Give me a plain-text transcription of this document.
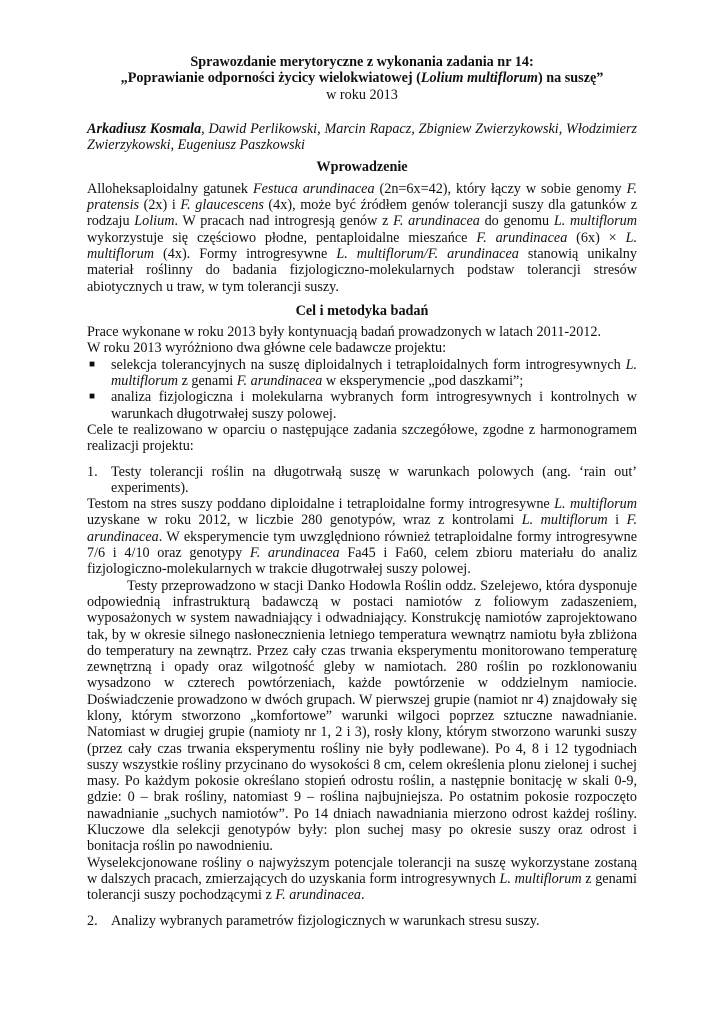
Sprawozdanie merytoryczne z wykonania zadania nr 14:
„Poprawianie odporności życicy wielokwiatowej (Lolium multiflorum) na suszę”
w roku 2013

Arkadiusz Kosmala, Dawid Perlikowski, Marcin Rapacz, Zbigniew Zwierzykowski, Włodzimierz Zwierzykowski, Eugeniusz Paszkowski

Wprowadzenie

Alloheksaploidalny gatunek Festuca arundinacea (2n=6x=42), który łączy w sobie genomy F. pratensis (2x) i F. glaucescens (4x), może być źródłem genów tolerancji suszy dla gatunków z rodzaju Lolium. W pracach nad introgresją genów z F. arundinacea do genomu L. multiflorum wykorzystuje się częściowo płodne, pentaploidalne mieszańce F. arundinacea (6x) × L. multiflorum (4x). Formy introgresywne L. multiflorum/F. arundinacea stanowią unikalny materiał roślinny do badania fizjologiczno-molekularnych podstaw tolerancji stresów abiotycznych u traw, w tym tolerancji suszy.

Cel i metodyka badań

Prace wykonane w roku 2013 były kontynuacją badań prowadzonych w latach 2011-2012.

W roku 2013 wyróżniono dwa główne cele badawcze projektu:

■ selekcja tolerancyjnych na suszę diploidalnych i tetraploidalnych form introgresywnych L. multiflorum z genami F. arundinacea w eksperymencie „pod daszkami”;
■ analiza fizjologiczna i molekularna wybranych form introgresywnych i kontrolnych w warunkach długotrwałej suszy polowej.

Cele te realizowano w oparciu o następujące zadania szczegółowe, zgodne z harmonogramem realizacji projektu:

1. Testy tolerancji roślin na długotrwałą suszę w warunkach polowych (ang. ‘rain out’ experiments).

Testom na stres suszy poddano diploidalne i tetraploidalne formy introgresywne L. multiflorum uzyskane w roku 2012, w liczbie 280 genotypów, wraz z kontrolami L. multiflorum i F. arundinacea. W eksperymencie tym uwzględniono również tetraploidalne formy introgresywne 7/6 i 4/10 oraz genotypy F. arundinacea Fa45 i Fa60, celem zbioru materiału do analiz fizjologiczno-molekularnych w trakcie długotrwałej suszy polowej.

Testy przeprowadzono w stacji Danko Hodowla Roślin oddz. Szelejewo, która dysponuje odpowiednią infrastrukturą badawczą w postaci namiotów z foliowym zadaszeniem, wyposażonych w system nawadniający i odwadniający. Konstrukcję namiotów zaprojektowano tak, by w okresie silnego nasłonecznienia letniego temperatura wewnątrz namiotu była zbliżona do temperatury na zewnątrz. Przez cały czas trwania eksperymentu monitorowano temperaturę zewnętrzną i opady oraz wilgotność gleby w namiotach. 280 roślin po rozklonowaniu wysadzono w czterech powtórzeniach, każde powtórzenie w oddzielnym namiocie. Doświadczenie prowadzono w dwóch grupach. W pierwszej grupie (namiot nr 4) znajdowały się klony, którym stworzono „komfortowe” warunki wilgoci poprzez sztuczne nawadnianie. Natomiast w drugiej grupie (namioty nr 1, 2 i 3), rosły klony, którym stworzono warunki suszy (przez cały czas trwania eksperymentu rośliny nie były podlewane). Po 4, 8 i 12 tygodniach suszy wszystkie rośliny przycinano do wysokości 8 cm, celem określenia plonu zielonej i suchej masy. Po każdym pokosie określano stopień odrostu roślin, a następnie bonitację w skali 0-9, gdzie: 0 – brak rośliny, natomiast 9 – roślina najbujniejsza. Po ostatnim pokosie rozpoczęto nawadnianie „suchych namiotów”. Po 14 dniach nawadniania mierzono odrost każdej rośliny. Kluczowe dla selekcji genotypów były: plon suchej masy po okresie suszy oraz odrost i bonitacja roślin po nawodnieniu.

Wyselekcjonowane rośliny o najwyższym potencjale tolerancji na suszę wykorzystane zostaną w dalszych pracach, zmierzających do uzyskania form introgresywnych L. multiflorum z genami tolerancji suszy pochodzącymi z F. arundinacea.

2. Analizy wybranych parametrów fizjologicznych w warunkach stresu suszy.
